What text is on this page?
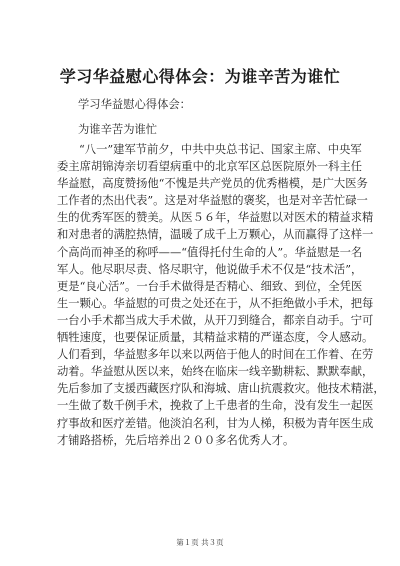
学习华益慰心得体会：为谁辛苦为谁忙
学习华益慰心得体会：
为谁辛苦为谁忙
“八一”建军节前夕，中共中央总书记、国家主席、中央军
委主席胡锦涛亲切看望病重中的北京军区总医院原外一科主任
华益慰，高度赞扬他“不愧是共产党员的优秀楷模，是广大医务
工作者的杰出代表”。这是对华益慰的褒奖，也是对辛苦忙碌一
生的优秀军医的赞美。从医５６年，华益慰以对医术的精益求精
和对患者的满腔热情，温暖了成千上万颗心，从而赢得了这样一
个高尚而神圣的称呼——“值得托付生命的人”。华益慰是一名
军人。他尽职尽责、恪尽职守，他说做手术不仅是“技术活”，
更是“良心活”。一台手术做得是否精心、细致、到位，全凭医
生一颗心。华益慰的可贵之处还在于，从不拒绝做小手术，把每
一台小手术都当成大手术做，从开刀到缝合，都亲自动手。宁可
牺牲速度，也要保证质量，其精益求精的严谨态度，令人感动。
人们看到，华益慰多年以来以两倍于他人的时间在工作着、在劳
动着。华益慰从医以来，始终在临床一线辛勤耕耘、默默奉献，
先后参加了支援西藏医疗队和海城、唐山抗震救灾。他技术精湛，
一生做了数千例手术，挽救了上千患者的生命，没有发生一起医
疗事故和医疗差错。他淡泊名利，甘为人梯，积极为青年医生成
才铺路搭桥，先后培养出２００多名优秀人才。
第１页 共３页
